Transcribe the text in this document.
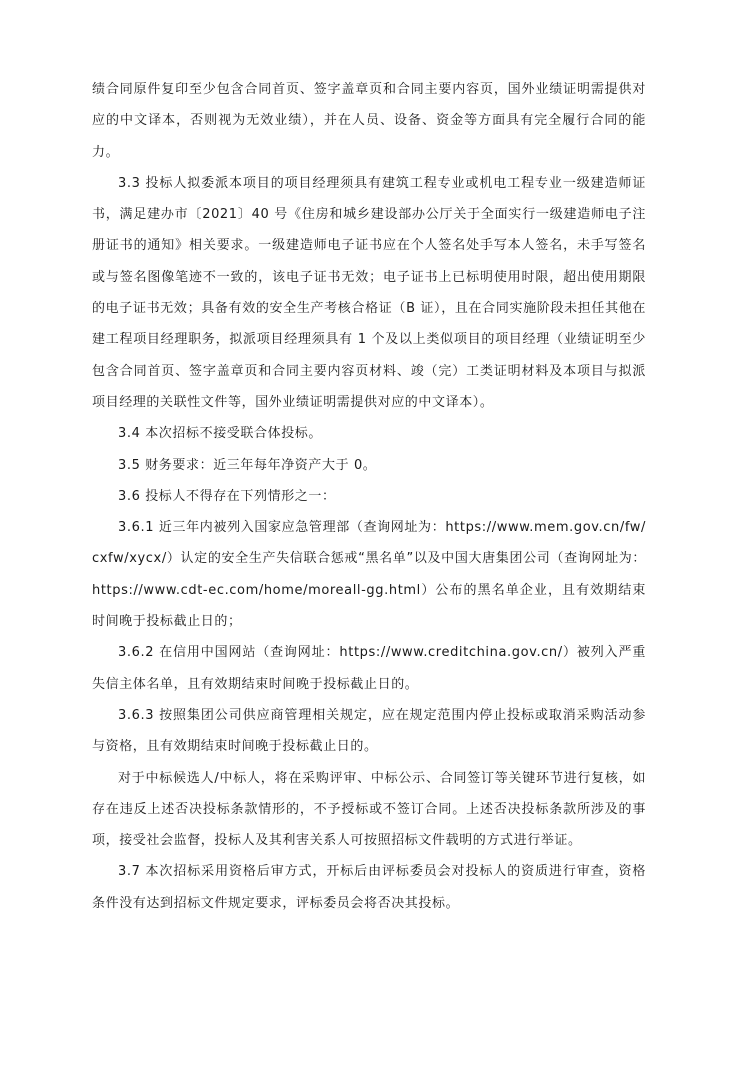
绩合同原件复印至少包含合同首页、签字盖章页和合同主要内容页，国外业绩证明需提供对应的中文译本，否则视为无效业绩），并在人员、设备、资金等方面具有完全履行合同的能力。

3.3 投标人拟委派本项目的项目经理须具有建筑工程专业或机电工程专业一级建造师证书，满足建办市〔2021〕40 号《住房和城乡建设部办公厅关于全面实行一级建造师电子注册证书的通知》相关要求。一级建造师电子证书应在个人签名处手写本人签名，未手写签名或与签名图像笔迹不一致的，该电子证书无效；电子证书上已标明使用时限，超出使用期限的电子证书无效；具备有效的安全生产考核合格证（B 证），且在合同实施阶段未担任其他在建工程项目经理职务，拟派项目经理须具有 1 个及以上类似项目的项目经理（业绩证明至少包含合同首页、签字盖章页和合同主要内容页材料、竣（完）工类证明材料及本项目与拟派项目经理的关联性文件等，国外业绩证明需提供对应的中文译本）。

3.4 本次招标不接受联合体投标。

3.5 财务要求：近三年每年净资产大于 0。

3.6 投标人不得存在下列情形之一：

3.6.1 近三年内被列入国家应急管理部（查询网址为：https://www.mem.gov.cn/fw/cxfw/xycx/）认定的安全生产失信联合惩戒“黑名单”以及中国大唐集团公司（查询网址为：https://www.cdt-ec.com/home/moreall-gg.html）公布的黑名单企业，且有效期结束时间晚于投标截止日的；

3.6.2 在信用中国网站（查询网址：https://www.creditchina.gov.cn/）被列入严重失信主体名单，且有效期结束时间晚于投标截止日的。

3.6.3 按照集团公司供应商管理相关规定，应在规定范围内停止投标或取消采购活动参与资格，且有效期结束时间晚于投标截止日的。

对于中标候选人/中标人，将在采购评审、中标公示、合同签订等关键环节进行复核，如存在违反上述否决投标条款情形的，不予授标或不签订合同。上述否决投标条款所涉及的事项，接受社会监督，投标人及其利害关系人可按照招标文件载明的方式进行举证。

3.7 本次招标采用资格后审方式，开标后由评标委员会对投标人的资质进行审查，资格条件没有达到招标文件规定要求，评标委员会将否决其投标。
